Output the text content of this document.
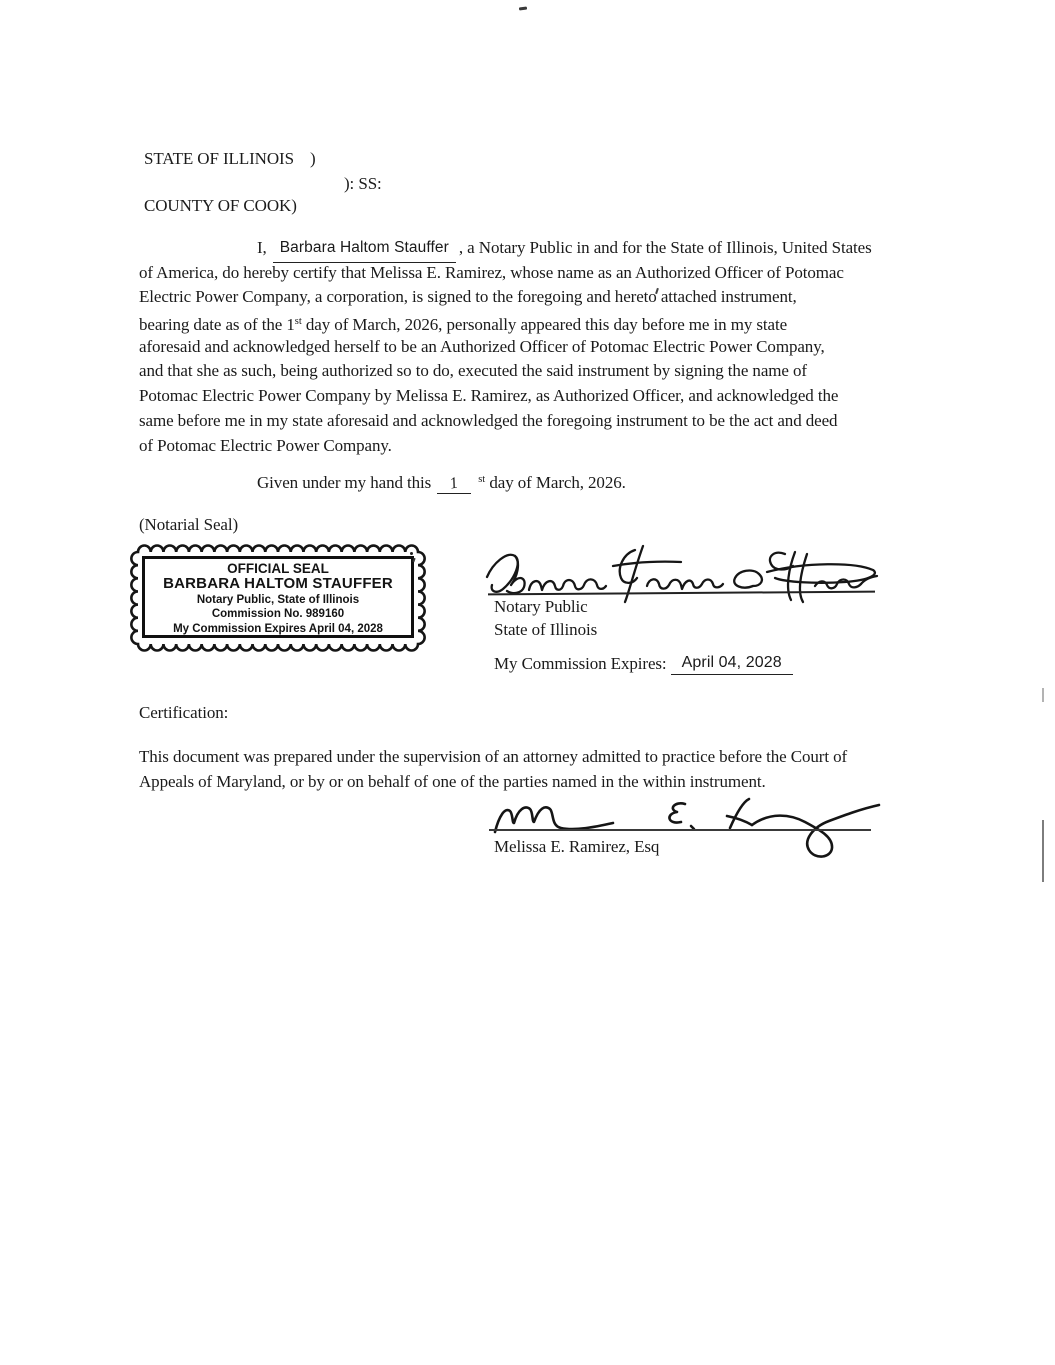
STATE OF ILLINOIS )
): SS:
COUNTY OF COOK)
I, Barbara Haltom Stauffer , a Notary Public in and for the State of Illinois, United States
of America, do hereby certify that Melissa E. Ramirez, whose name as an Authorized Officer of Potomac
Electric Power Company, a corporation, is signed to the foregoing and hereto attached instrument,
bearing date as of the 1st day of March, 2026, personally appeared this day before me in my state
aforesaid and acknowledged herself to be an Authorized Officer of Potomac Electric Power Company,
and that she as such, being authorized so to do, executed the said instrument by signing the name of
Potomac Electric Power Company by Melissa E. Ramirez, as Authorized Officer, and acknowledged the
same before me in my state aforesaid and acknowledged the foregoing instrument to be the act and deed
of Potomac Electric Power Company.
Given under my hand this 1 $^{st}$ day of March, 2026.
(Notarial Seal)
OFFICIAL SEAL
BARBARA HALTOM STAUFFER
Notary Public, State of Illinois
Commission No. 989160
My Commission Expires April 04, 2028
Notary Public
State of Illinois
My Commission Expires: April 04, 2028
Certification:
This document was prepared under the supervision of an attorney admitted to practice before the Court of
Appeals of Maryland, or by or on behalf of one of the parties named in the within instrument.
Melissa E. Ramirez, Esq
